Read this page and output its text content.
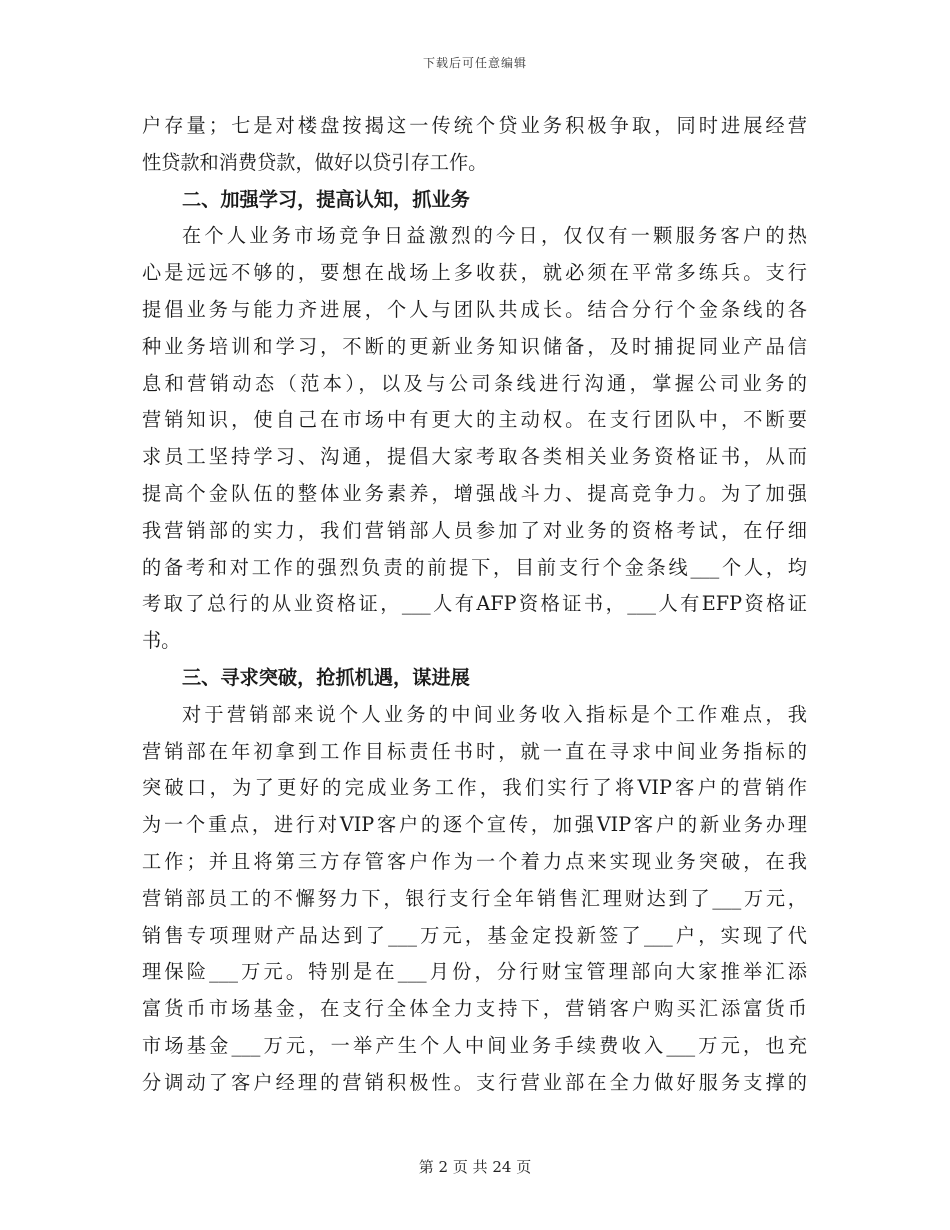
下载后可任意编辑
户存量；七是对楼盘按揭这一传统个贷业务积极争取，同时进展经营
性贷款和消费贷款，做好以贷引存工作。
二、加强学习，提高认知，抓业务
在个人业务市场竞争日益激烈的今日，仅仅有一颗服务客户的热
心是远远不够的，要想在战场上多收获，就必须在平常多练兵。支行
提倡业务与能力齐进展，个人与团队共成长。结合分行个金条线的各
种业务培训和学习，不断的更新业务知识储备，及时捕捉同业产品信
息和营销动态（范本），以及与公司条线进行沟通，掌握公司业务的
营销知识，使自己在市场中有更大的主动权。在支行团队中，不断要
求员工坚持学习、沟通，提倡大家考取各类相关业务资格证书，从而
提高个金队伍的整体业务素养，增强战斗力、提高竞争力。为了加强
我营销部的实力，我们营销部人员参加了对业务的资格考试，在仔细
的备考和对工作的强烈负责的前提下，目前支行个金条线___个人，均
考取了总行的从业资格证，___人有AFP资格证书，___人有EFP资格证
书。
三、寻求突破，抢抓机遇，谋进展
对于营销部来说个人业务的中间业务收入指标是个工作难点，我
营销部在年初拿到工作目标责任书时，就一直在寻求中间业务指标的
突破口，为了更好的完成业务工作，我们实行了将VIP客户的营销作
为一个重点，进行对VIP客户的逐个宣传，加强VIP客户的新业务办理
工作；并且将第三方存管客户作为一个着力点来实现业务突破，在我
营销部员工的不懈努力下，银行支行全年销售汇理财达到了___万元，
销售专项理财产品达到了___万元，基金定投新签了___户，实现了代
理保险___万元。特别是在___月份，分行财宝管理部向大家推举汇添
富货币市场基金，在支行全体全力支持下，营销客户购买汇添富货币
市场基金___万元，一举产生个人中间业务手续费收入___万元，也充
分调动了客户经理的营销积极性。支行营业部在全力做好服务支撑的
第 2 页 共 24 页
